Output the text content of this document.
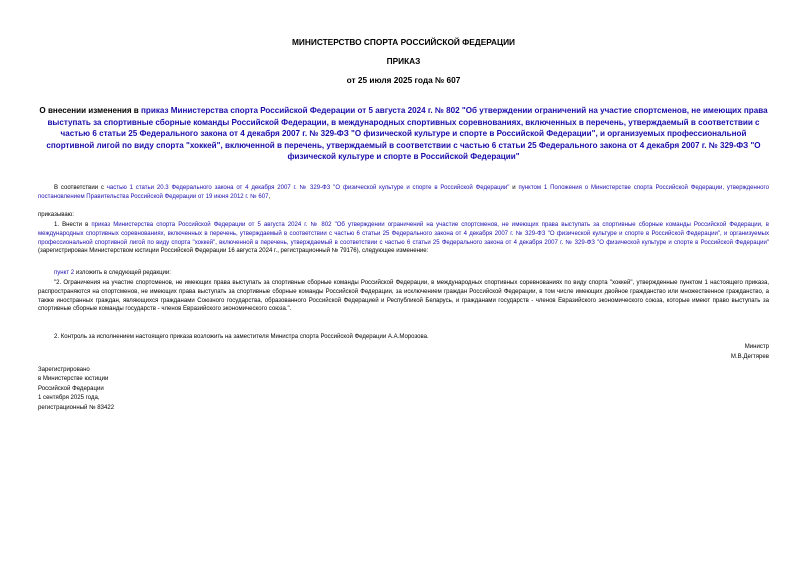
МИНИСТЕРСТВО СПОРТА РОССИЙСКОЙ ФЕДЕРАЦИИ
ПРИКАЗ
от 25 июля 2025 года № 607
О внесении изменения в приказ Министерства спорта Российской Федерации от 5 августа 2024 г. № 802 "Об утверждении ограничений на участие спортсменов, не имеющих права выступать за спортивные сборные команды Российской Федерации, в международных спортивных соревнованиях, включенных в перечень, утверждаемый в соответствии с частью 6 статьи 25 Федерального закона от 4 декабря 2007 г. № 329-ФЗ "О физической культуре и спорте в Российской Федерации", и организуемых профессиональной спортивной лигой по виду спорта "хоккей", включенной в перечень, утверждаемый в соответствии с частью 6 статьи 25 Федерального закона от 4 декабря 2007 г. № 329-ФЗ "О физической культуре и спорте в Российской Федерации"
В соответствии с частью 1 статьи 20.3 Федерального закона от 4 декабря 2007 г. № 329-ФЗ "О физической культуре и спорте в Российской Федерации" и пунктом 1 Положения о Министерстве спорта Российской Федерации, утвержденного постановлением Правительства Российской Федерации от 19 июня 2012 г. № 607,
приказываю:
1. Внести в приказ Министерства спорта Российской Федерации от 5 августа 2024 г. № 802 "Об утверждении ограничений на участие спортсменов, не имеющих права выступать за спортивные сборные команды Российской Федерации, в международных спортивных соревнованиях, включенных в перечень, утверждаемый в соответствии с частью 6 статьи 25 Федерального закона от 4 декабря 2007 г. № 329-ФЗ "О физической культуре и спорте в Российской Федерации", и организуемых профессиональной спортивной лигой по виду спорта "хоккей", включенной в перечень, утверждаемый в соответствии с частью 6 статьи 25 Федерального закона от 4 декабря 2007 г. № 329-ФЗ "О физической культуре и спорте в Российской Федерации" (зарегистрирован Министерством юстиции Российской Федерации 16 августа 2024 г., регистрационный № 79176), следующее изменение:
пункт 2 изложить в следующей редакции:
"2. Ограничения на участие спортсменов, не имеющих права выступать за спортивные сборные команды Российской Федерации, в международных спортивных соревнованиях по виду спорта "хоккей", утвержденные пунктом 1 настоящего приказа, распространяются на спортсменов, не имеющих права выступать за спортивные сборные команды Российской Федерации, за исключением граждан Российской Федерации, в том числе имеющих двойное гражданство или множественное гражданство, а также иностранных граждан, являющихся гражданами Союзного государства, образованного Российской Федерацией и Республикой Беларусь, и гражданами государств - членов Евразийского экономического союза, которые имеют право выступать за спортивные сборные команды государств - членов Евразийского экономического союза.".
2. Контроль за исполнением настоящего приказа возложить на заместителя Министра спорта Российской Федерации А.А.Морозова.
Министр
М.В.Дегтярев
Зарегистрировано
в Министерстве юстиции
Российской Федерации
1 сентября 2025 года,
регистрационный № 83422
